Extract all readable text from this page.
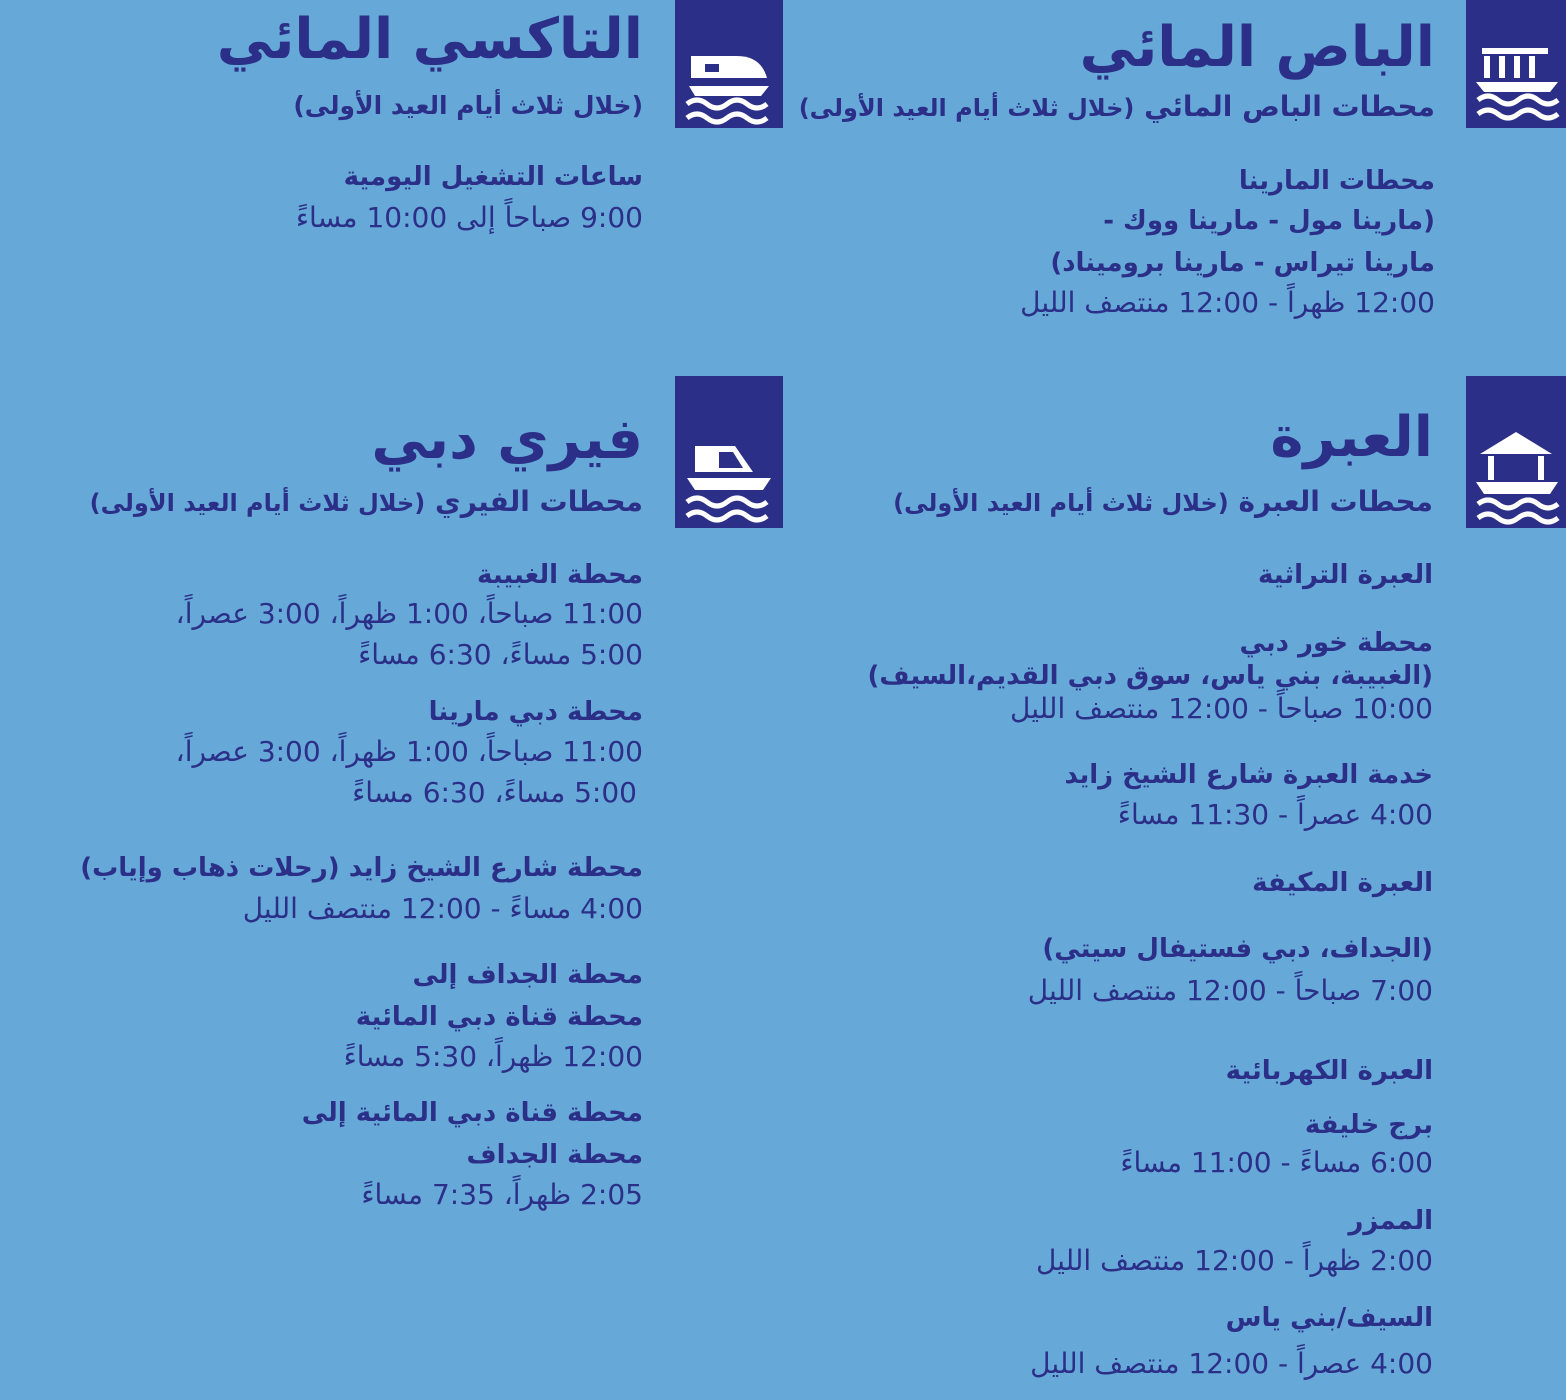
الباص المائي
محطات الباص المائي (خلال ثلاث أيام العيد الأولى)
محطات المارينا
(مارينا مول - مارينا ووك -
مارينا تيراس - مارينا بروميناد)
12:00 ظهراً - 12:00 منتصف الليل
التاكسي المائي
(خلال ثلاث أيام العيد الأولى)
ساعات التشغيل اليومية
9:00 صباحاً إلى 10:00 مساءً
العبرة
محطات العبرة (خلال ثلاث أيام العيد الأولى)
العبرة التراثية
محطة خور دبي
(الغبيبة، بني ياس، سوق دبي القديم،السيف)
10:00 صباحاً - 12:00 منتصف الليل
خدمة العبرة شارع الشيخ زايد
4:00 عصراً - 11:30 مساءً
العبرة المكيفة
(الجداف، دبي فستيفال سيتي)
7:00 صباحاً - 12:00 منتصف الليل
العبرة الكهربائية
برج خليفة
6:00 مساءً - 11:00 مساءً
الممزر
2:00 ظهراً - 12:00 منتصف الليل
السيف/بني ياس
4:00 عصراً - 12:00 منتصف الليل
فيري دبي
محطات الفيري (خلال ثلاث أيام العيد الأولى)
محطة الغبيبة
11:00 صباحاً، 1:00 ظهراً، 3:00 عصراً،
5:00 مساءً، 6:30 مساءً
محطة دبي مارينا
11:00 صباحاً، 1:00 ظهراً، 3:00 عصراً،
5:00 مساءً، 6:30 مساءً
محطة شارع الشيخ زايد (رحلات ذهاب وإياب)
4:00 مساءً - 12:00 منتصف الليل
محطة الجداف إلى
محطة قناة دبي المائية
12:00 ظهراً، 5:30 مساءً
محطة قناة دبي المائية إلى
محطة الجداف
2:05 ظهراً، 7:35 مساءً
